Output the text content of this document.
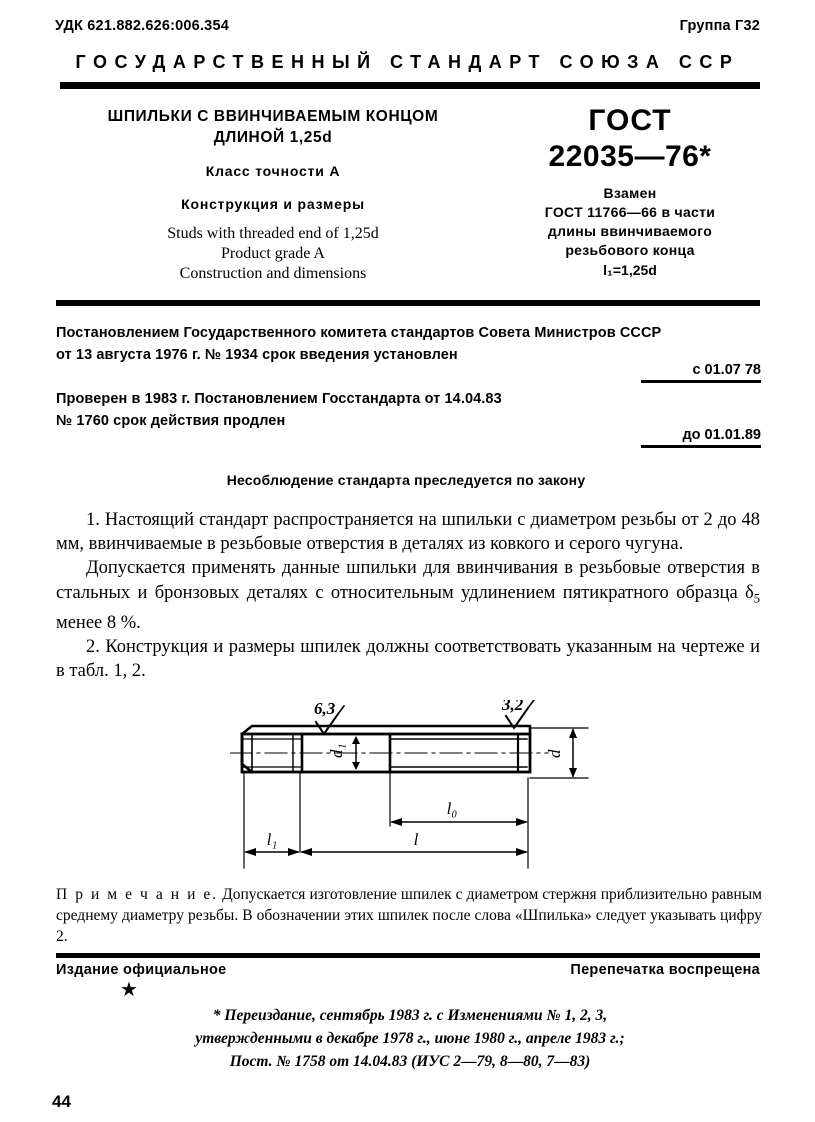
УДК 621.882.626:006.354	Группа Г32
ГОСУДАРСТВЕННЫЙ СТАНДАРТ СОЮЗА ССР
ШПИЛЬКИ С ВВИНЧИВАЕМЫМ КОНЦОМ
ДЛИНОЙ 1,25d
Класс точности А
Конструкция и размеры
Studs with threaded end of 1,25d
Product grade A
Construction and dimensions
ГОСТ
22035—76*
Взамен
ГОСТ 11766—66 в части
длины ввинчиваемого
резьбового конца
l₁=1,25d
Постановлением Государственного комитета стандартов Совета Министров СССР
от 13 августа 1976 г. № 1934 срок введения установлен
с 01.07 78
Проверен в 1983 г. Постановлением Госстандарта от 14.04.83
№ 1760 срок действия продлен
до 01.01.89
Несоблюдение стандарта преследуется по закону

1. Настоящий стандарт распространяется на шпильки с диаметром резьбы от 2 до 48 мм, ввинчиваемые в резьбовые отверстия в деталях из ковкого и серого чугуна.

Допускается применять данные шпильки для ввинчивания в резьбовые отверстия в стальных и бронзовых деталях с относительным удлинением пятикратного образца $\delta_5$ менее 8 %.

2. Конструкция и размеры шпилек должны соответствовать указанным на чертеже и в табл. 1, 2.

6,3	3,2
d₁	d
l₀
l
l₁
П р и м е ч а н и е. Допускается изготовление шпилек с диаметром стержня приблизительно равным среднему диаметру резьбы. В обозначении этих шпилек после слова «Шпилька» следует указывать цифру 2.
Издание официальное	Перепечатка воспрещена
★
* Переиздание, сентябрь 1983 г. с Изменениями № 1, 2, 3,
утвержденными в декабре 1978 г., июне 1980 г., апреле 1983 г.;
Пост. № 1758 от 14.04.83 (ИУС 2—79, 8—80, 7—83)
44
